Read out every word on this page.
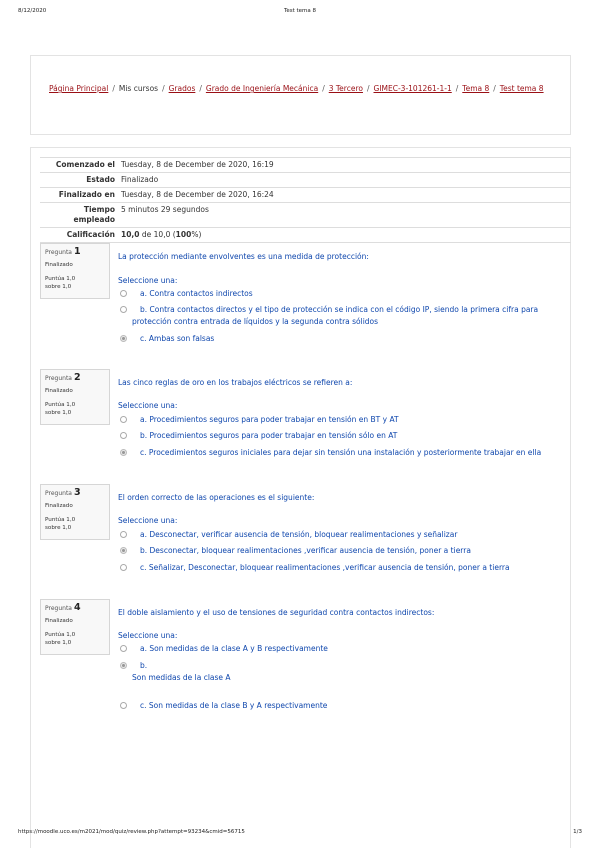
8/12/2020	Test tema 8
Página Principal / Mis cursos / Grados / Grado de Ingeniería Mecánica / 3 Tercero / GIMEC-3-101261-1-1 / Tema 8 / Test tema 8
Comenzado el	Tuesday, 8 de December de 2020, 16:19
Estado	Finalizado
Finalizado en	Tuesday, 8 de December de 2020, 16:24
Tiempo
empleado	5 minutos 29 segundos
Calificación	10,0 de 10,0 (100%)
Pregunta 1
Finalizado
Puntúa 1,0
sobre 1,0
La protección mediante envolventes es una medida de protección:
Seleccione una:
a. Contra contactos indirectos
b. Contra contactos directos y el tipo de protección se indica con el código IP, siendo la primera cifra para
protección contra entrada de líquidos y la segunda contra sólidos
c. Ambas son falsas
Pregunta 2
Finalizado
Puntúa 1,0
sobre 1,0
Las cinco reglas de oro en los trabajos eléctricos se refieren a:
Seleccione una:
a. Procedimientos seguros para poder trabajar en tensión en BT y AT
b. Procedimientos seguros para poder trabajar en tensión sólo en AT
c. Procedimientos seguros iniciales para dejar sin tensión una instalación y posteriormente trabajar en ella
Pregunta 3
Finalizado
Puntúa 1,0
sobre 1,0
El orden correcto de las operaciones es el siguiente:
Seleccione una:
a. Desconectar, verificar ausencia de tensión, bloquear realimentaciones y señalizar
b. Desconectar, bloquear realimentaciones ,verificar ausencia de tensión, poner a tierra
c. Señalizar, Desconectar, bloquear realimentaciones ,verificar ausencia de tensión, poner a tierra
Pregunta 4
Finalizado
Puntúa 1,0
sobre 1,0
El doble aislamiento y el uso de tensiones de seguridad contra contactos indirectos:
Seleccione una:
a. Son medidas de la clase A y B respectivamente
b.
Son medidas de la clase A
c. Son medidas de la clase B y A respectivamente
https://moodle.uco.es/m2021/mod/quiz/review.php?attempt=93234&cmid=56715	1/3
